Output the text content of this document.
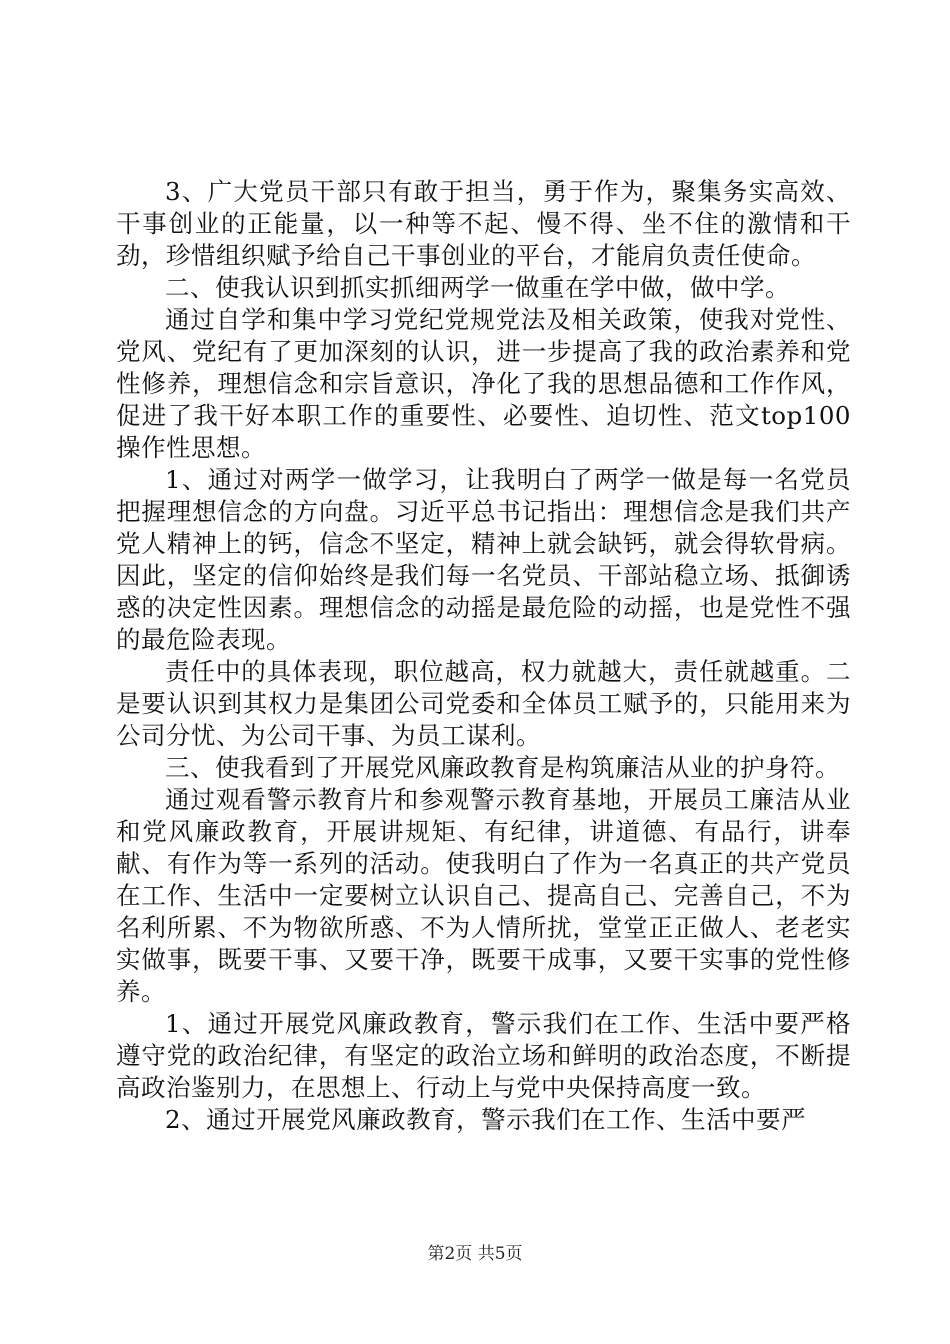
3、广大党员干部只有敢于担当，勇于作为，聚集务实高效、干事创业的正能量，以一种等不起、慢不得、坐不住的激情和干劲，珍惜组织赋予给自己干事创业的平台，才能肩负责任使命。

二、使我认识到抓实抓细两学一做重在学中做，做中学。

通过自学和集中学习党纪党规党法及相关政策，使我对党性、党风、党纪有了更加深刻的认识，进一步提高了我的政治素养和党性修养，理想信念和宗旨意识，净化了我的思想品德和工作作风，促进了我干好本职工作的重要性、必要性、迫切性、范文top100操作性思想。

1、通过对两学一做学习，让我明白了两学一做是每一名党员把握理想信念的方向盘。习近平总书记指出：理想信念是我们共产党人精神上的钙，信念不坚定，精神上就会缺钙，就会得软骨病。因此，坚定的信仰始终是我们每一名党员、干部站稳立场、抵御诱惑的决定性因素。理想信念的动摇是最危险的动摇，也是党性不强的最危险表现。

责任中的具体表现，职位越高，权力就越大，责任就越重。二是要认识到其权力是集团公司党委和全体员工赋予的，只能用来为公司分忧、为公司干事、为员工谋利。

三、使我看到了开展党风廉政教育是构筑廉洁从业的护身符。

通过观看警示教育片和参观警示教育基地，开展员工廉洁从业和党风廉政教育，开展讲规矩、有纪律，讲道德、有品行，讲奉献、有作为等一系列的活动。使我明白了作为一名真正的共产党员在工作、生活中一定要树立认识自己、提高自己、完善自己，不为名利所累、不为物欲所惑、不为人情所扰，堂堂正正做人、老老实实做事，既要干事、又要干净，既要干成事，又要干实事的党性修养。

1、通过开展党风廉政教育，警示我们在工作、生活中要严格遵守党的政治纪律，有坚定的政治立场和鲜明的政治态度，不断提高政治鉴别力，在思想上、行动上与党中央保持高度一致。

2、通过开展党风廉政教育，警示我们在工作、生活中要严

第2页 共5页
